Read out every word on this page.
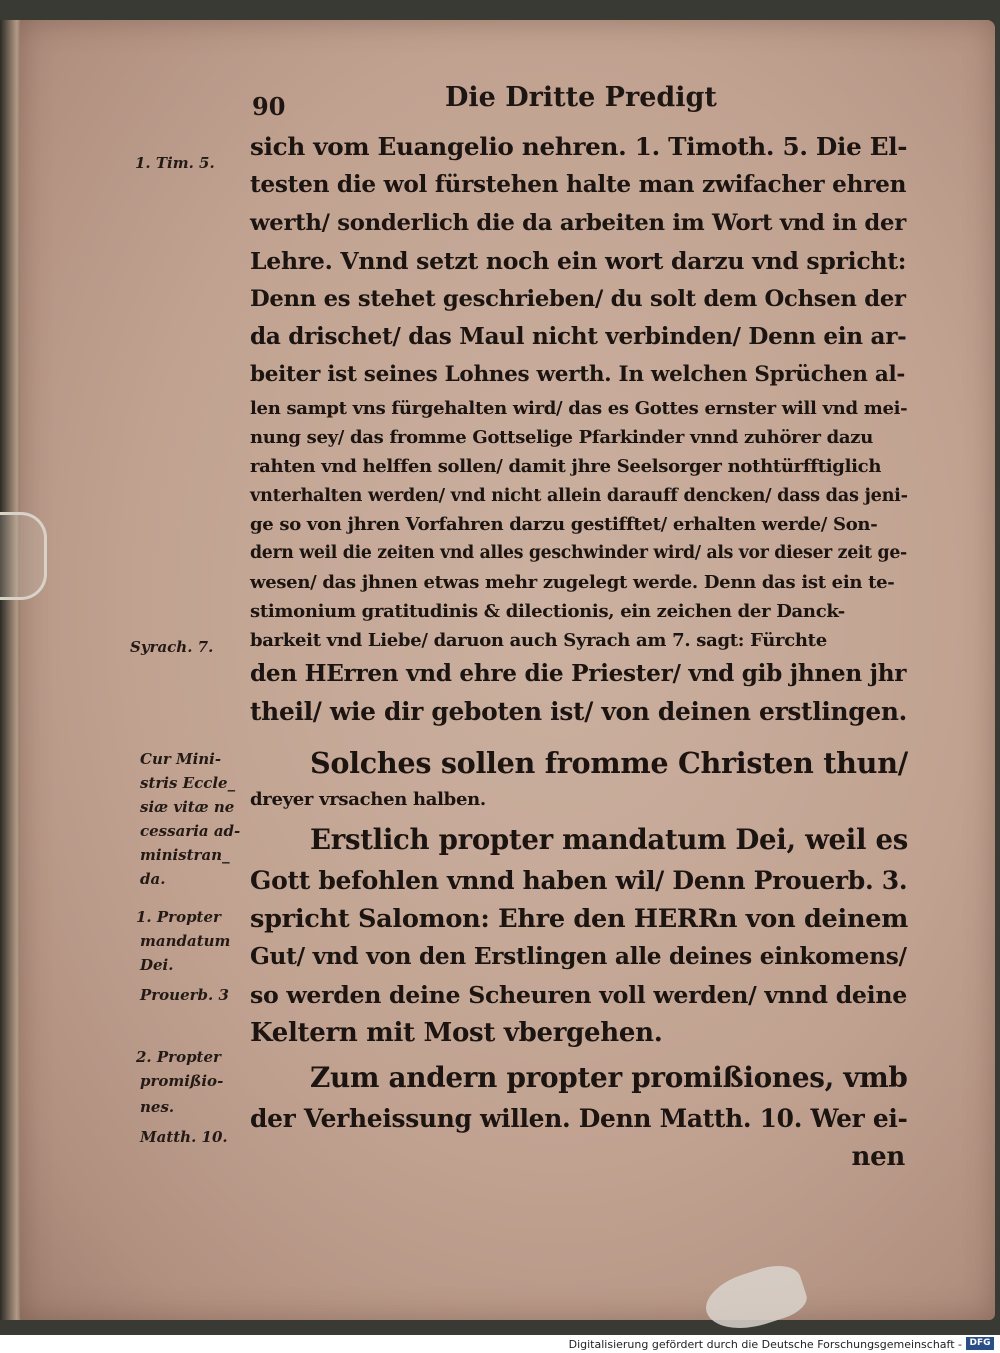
90	Die Dritte Predigt
sich vom Euangelio nehren. 1. Timoth. 5. Die El-
testen die wol fürstehen halte man zwifacher ehren
werth/ sonderlich die da arbeiten im Wort vnd in der
Lehre. Vnnd setzt noch ein wort darzu vnd spricht:
Denn es stehet geschrieben/ du solt dem Ochsen der
da drischet/ das Maul nicht verbinden/ Denn ein ar-
beiter ist seines Lohnes werth. In welchen Sprüchen al-
len sampt vns fürgehalten wird/ das es Gottes ernster will vnd mei-
nung sey/ das fromme Gottselige Pfarkinder vnnd zuhörer dazu
rahten vnd helffen sollen/ damit jhre Seelsorger nothtürfftiglich
vnterhalten werden/ vnd nicht allein darauff dencken/ dass das jeni-
ge so von jhren Vorfahren darzu gestifftet/ erhalten werde/ Son-
dern weil die zeiten vnd alles geschwinder wird/ als vor dieser zeit ge-
wesen/ das jhnen etwas mehr zugelegt werde. Denn das ist ein te-
stimonium gratitudinis & dilectionis, ein zeichen der Danck-
barkeit vnd Liebe/ daruon auch Syrach am 7. sagt: Fürchte
den HErren vnd ehre die Priester/ vnd gib jhnen jhr
theil/ wie dir geboten ist/ von deinen erstlingen.
Solches sollen fromme Christen thun/
dreyer vrsachen halben.
Erstlich propter mandatum Dei, weil es
Gott befohlen vnnd haben wil/ Denn Prouerb. 3.
spricht Salomon: Ehre den HERRn von deinem
Gut/ vnd von den Erstlingen alle deines einkomens/
so werden deine Scheuren voll werden/ vnnd deine
Keltern mit Most vbergehen.
Zum andern propter promißiones, vmb
der Verheissung willen. Denn Matth. 10. Wer ei-
nen
1. Tim. 5.
Syrach. 7.
Cur Mini-
stris Eccle_
siæ vitæ ne
cessaria ad-
ministran_
da.
1. Propter
mandatum
Dei.
Prouerb. 3
2. Propter
promißio-
nes.
Matth. 10.
Digitalisierung gefördert durch die Deutsche Forschungsgemeinschaft - DFG
